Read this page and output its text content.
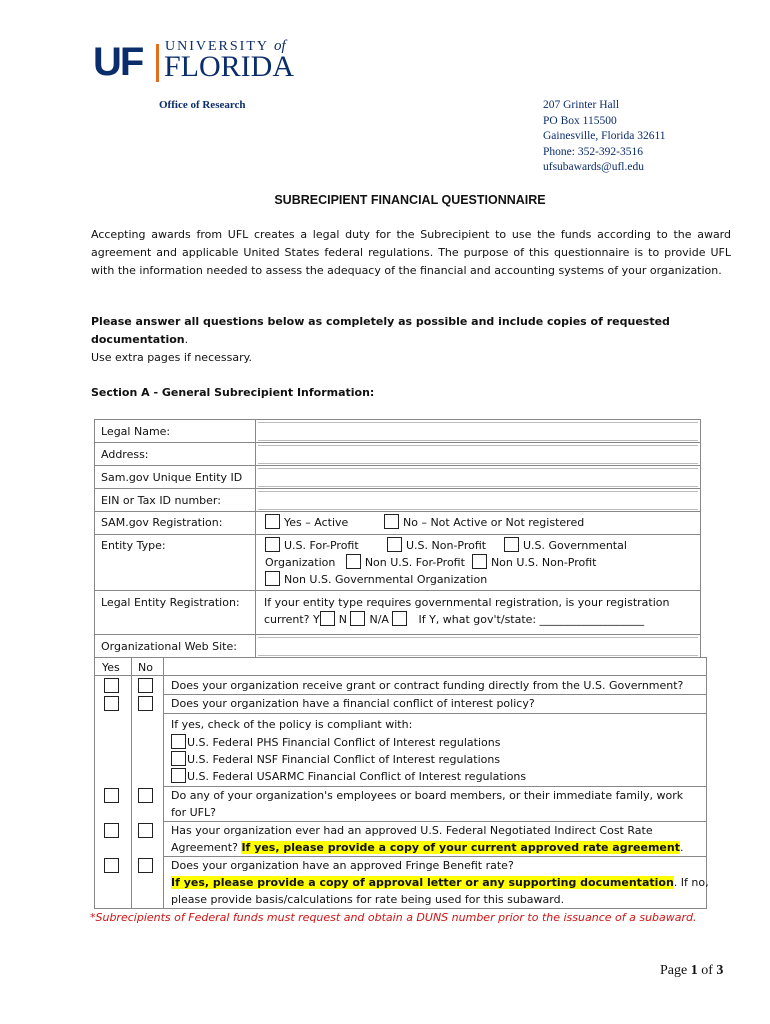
UF UNIVERSITY of
FLORIDA
Office of Research	207 Grinter Hall
PO Box 115500
Gainesville, Florida 32611
Phone: 352-392-3516
ufsubawards@ufl.edu
SUBRECIPIENT FINANCIAL QUESTIONNAIRE
Accepting awards from UFL creates a legal duty for the Subrecipient to use the funds according to the award agreement and applicable United States federal regulations. The purpose of this questionnaire is to provide UFL with the information needed to assess the adequacy of the financial and accounting systems of your organization.
Please answer all questions below as completely as possible and include copies of requested documentation.
Use extra pages if necessary.
Section A - General Subrecipient Information:
Legal Name:
Address:
Sam.gov Unique Entity ID
EIN or Tax ID number:
SAM.gov Registration:	Yes – Active	No – Not Active or Not registered
Entity Type:	U.S. For-Profit	U.S. Non-Profit	U.S. Governmental
Organization	Non U.S. For-Profit Non U.S. Non-Profit
Non U.S. Governmental Organization
Legal Entity Registration: If your entity type requires governmental registration, is your registration
current? Y N N/A	If Y, what gov't/state: ___________________
Organizational Web Site:
Yes No
Does your organization receive grant or contract funding directly from the U.S. Government?
Does your organization have a financial conflict of interest policy?
If yes, check of the policy is compliant with:
U.S. Federal PHS Financial Conflict of Interest regulations
U.S. Federal NSF Financial Conflict of Interest regulations
U.S. Federal USARMC Financial Conflict of Interest regulations
Do any of your organization's employees or board members, or their immediate family, work
for UFL?
Has your organization ever had an approved U.S. Federal Negotiated Indirect Cost Rate
Agreement? If yes, please provide a copy of your current approved rate agreement.
Does your organization have an approved Fringe Benefit rate?
If yes, please provide a copy of approval letter or any supporting documentation. If no,
please provide basis/calculations for rate being used for this subaward.
*Subrecipients of Federal funds must request and obtain a DUNS number prior to the issuance of a subaward.
Page 1 of 3
